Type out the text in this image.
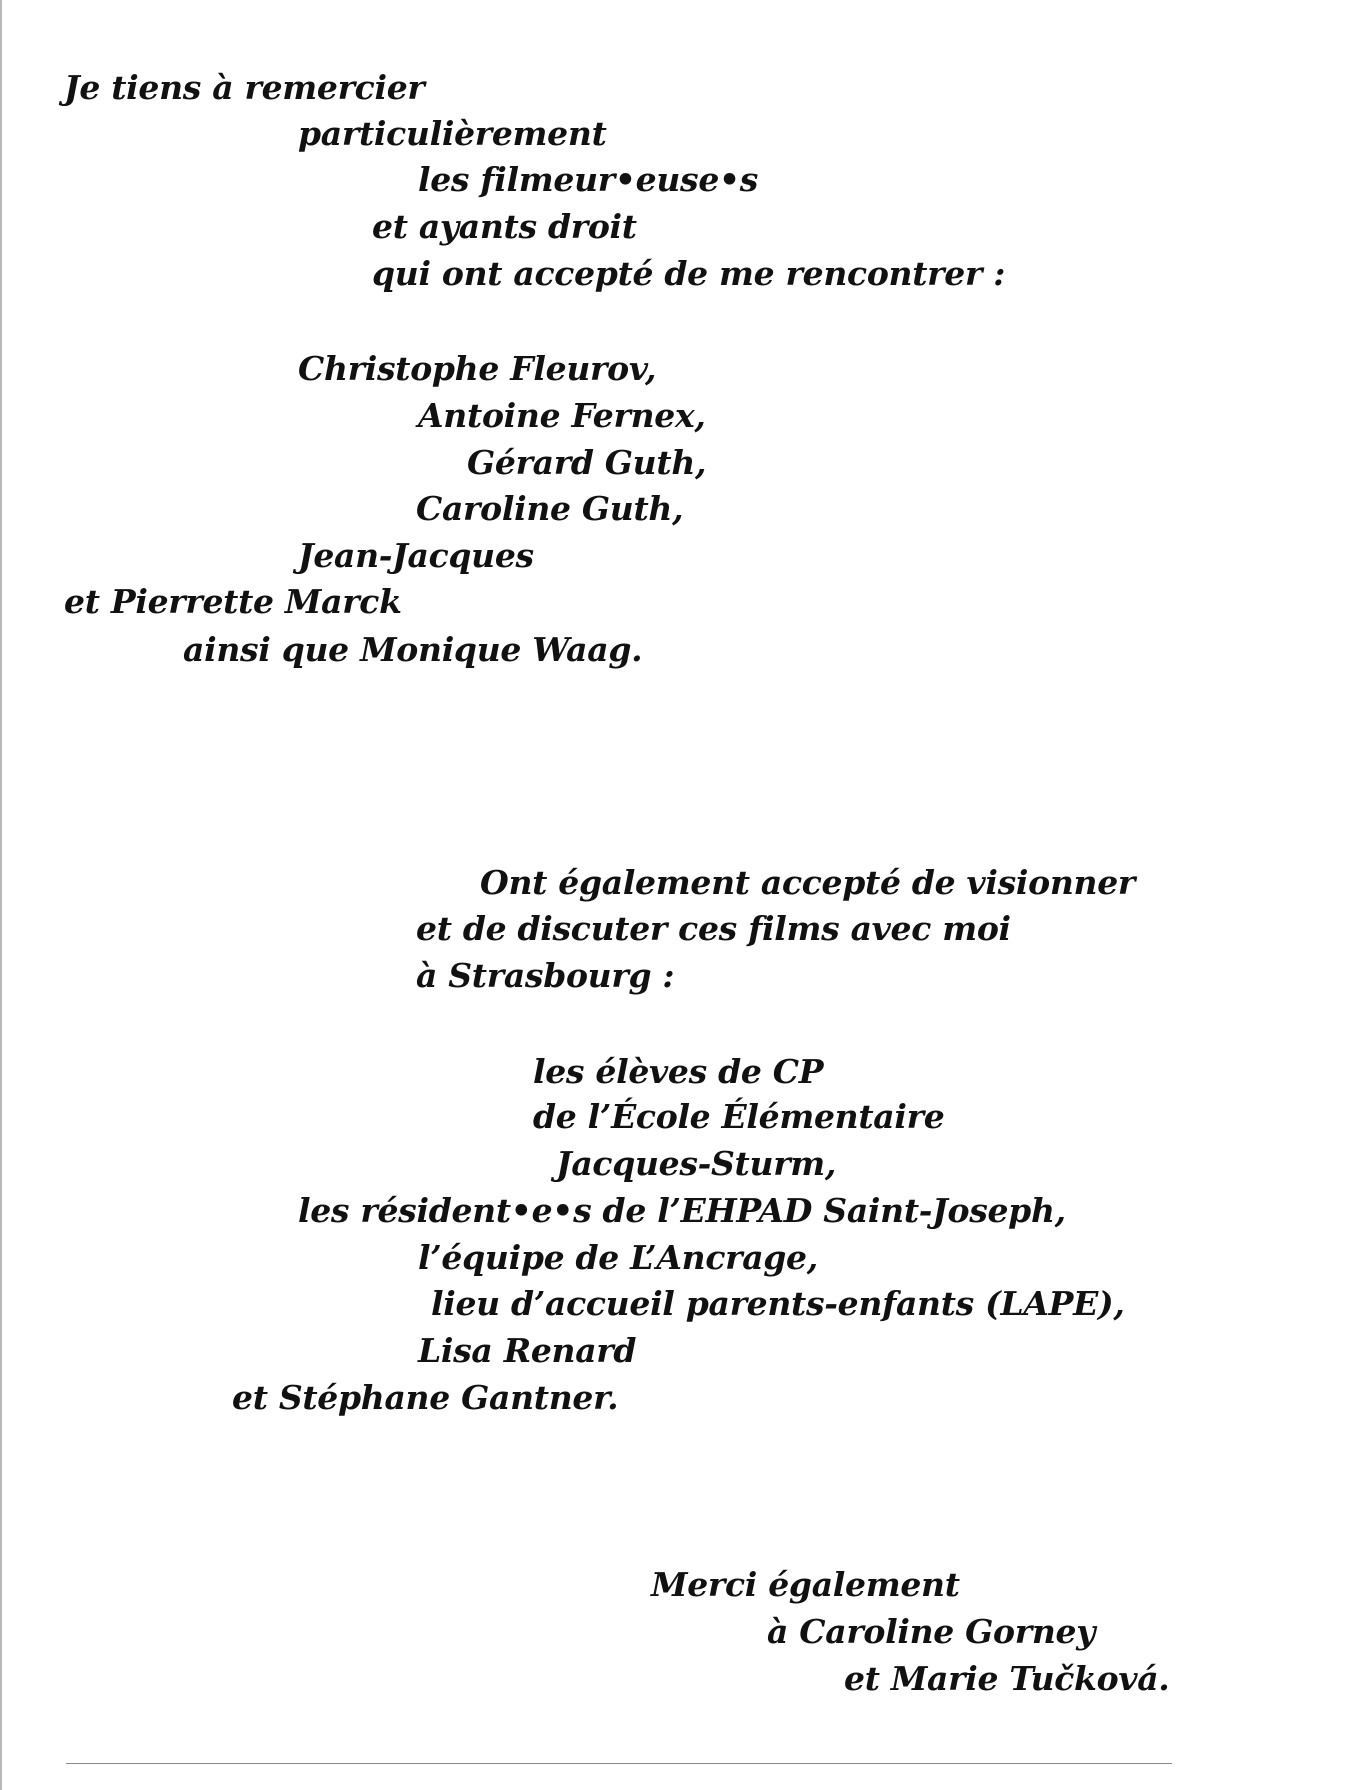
Je tiens à remercier
particulièrement
les filmeur•euse•s
et ayants droit
qui ont accepté de me rencontrer :
Christophe Fleurov,
Antoine Fernex,
Gérard Guth,
Caroline Guth,
Jean-Jacques
et Pierrette Marck
ainsi que Monique Waag.
Ont également accepté de visionner
et de discuter ces films avec moi
à Strasbourg :
les élèves de CP
de l’École Élémentaire
Jacques-Sturm,
les résident•e•s de l’EHPAD Saint-Joseph,
l’équipe de L’Ancrage,
lieu d’accueil parents-enfants (LAPE),
Lisa Renard
et Stéphane Gantner.
Merci également
à Caroline Gorney
et Marie Tučková.
